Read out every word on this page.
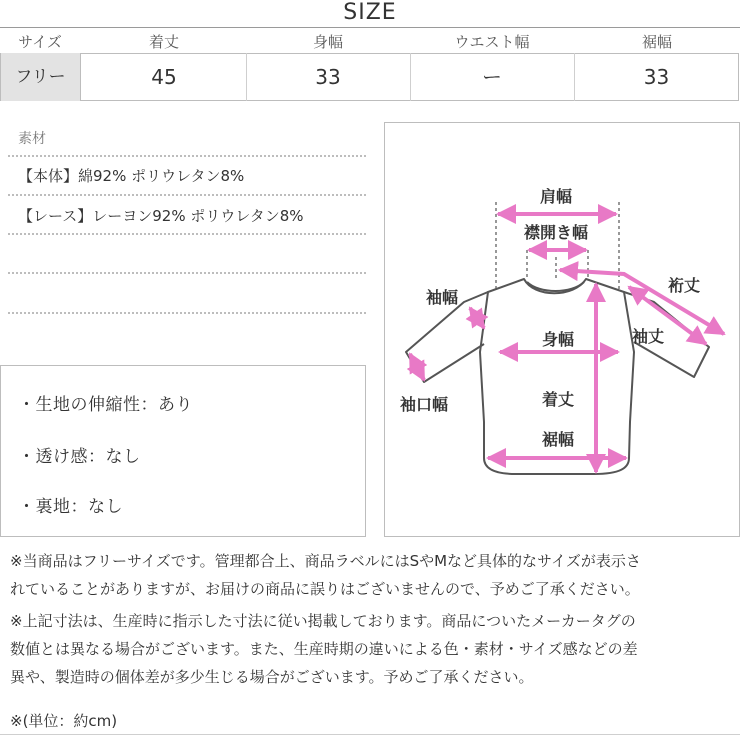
SIZE
サイズ	着丈	身幅	ウエスト幅	裾幅
フリー	45	33	ー	33
素材
【本体】綿92% ポリウレタン8%
【レース】レーヨン92% ポリウレタン8%
・生地の伸縮性：あり
・透け感：なし
・裏地：なし
肩幅
襟開き幅
裄丈
袖幅
袖丈
身幅
袖口幅	着丈
裾幅
※当商品はフリーサイズです。管理都合上、商品ラベルにはSやMなど具体的なサイズが表示さ
れていることがありますが、お届けの商品に誤りはございませんので、予めご了承ください。
※上記寸法は、生産時に指示した寸法に従い掲載しております。商品についたメーカータグの
数値とは異なる場合がございます。また、生産時期の違いによる色・素材・サイズ感などの差
異や、製造時の個体差が多少生じる場合がございます。予めご了承ください。
※(単位：約cm)
